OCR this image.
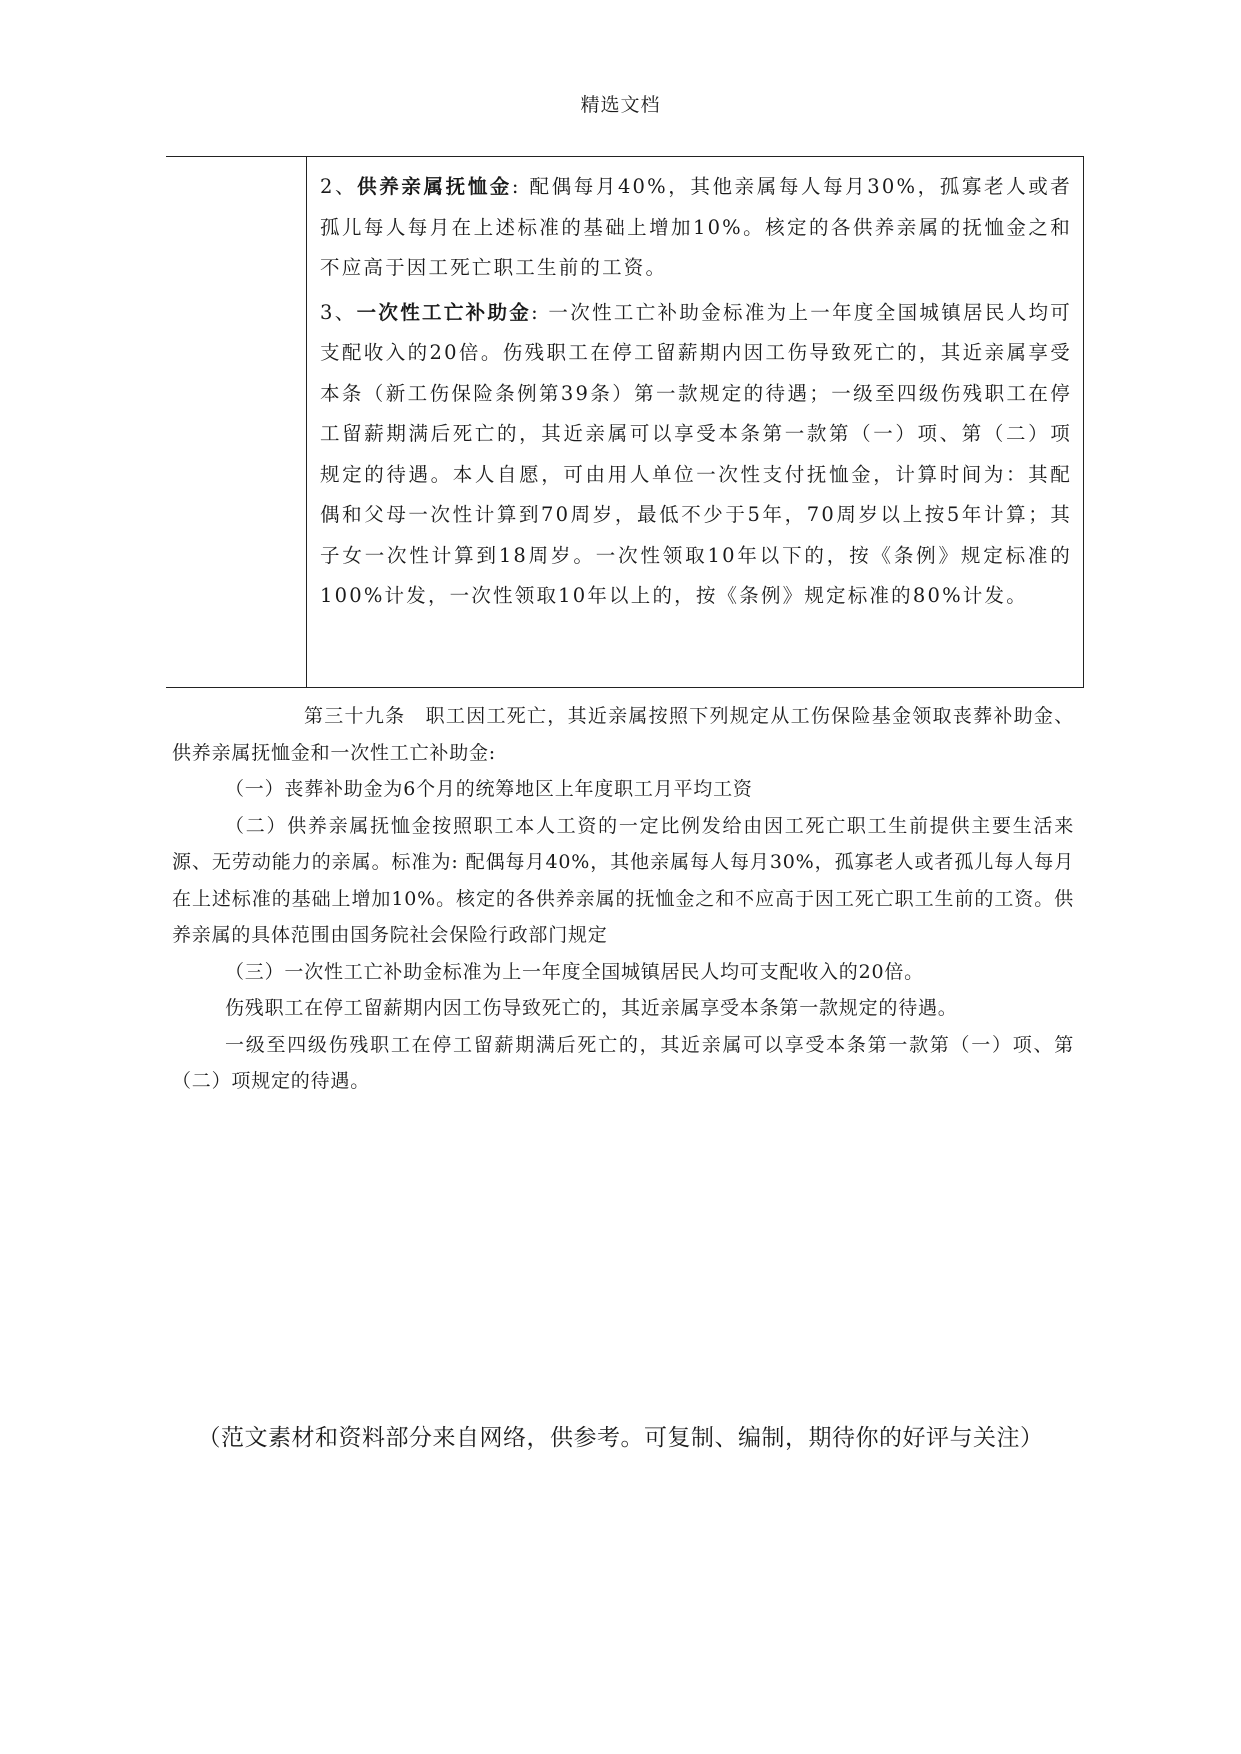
精选文档

2、供养亲属抚恤金: 配偶每月40%，其他亲属每人每月30%，孤寡老人或者孤儿每人每月在上述标准的基础上增加10%。核定的各供养亲属的抚恤金之和不应高于因工死亡职工生前的工资。

3、一次性工亡补助金: 一次性工亡补助金标准为上一年度全国城镇居民人均可支配收入的20倍。伤残职工在停工留薪期内因工伤导致死亡的，其近亲属享受本条（新工伤保险条例第39条）第一款规定的待遇；一级至四级伤残职工在停工留薪期满后死亡的，其近亲属可以享受本条第一款第（一）项、第（二）项规定的待遇。本人自愿，可由用人单位一次性支付抚恤金，计算时间为：其配偶和父母一次性计算到70周岁，最低不少于5年，70周岁以上按5年计算；其子女一次性计算到18周岁。一次性领取10年以下的，按《条例》规定标准的100%计发，一次性领取10年以上的，按《条例》规定标准的80%计发。

第三十九条　职工因工死亡，其近亲属按照下列规定从工伤保险基金领取丧葬补助金、供养亲属抚恤金和一次性工亡补助金:

（一）丧葬补助金为6个月的统筹地区上年度职工月平均工资

（二）供养亲属抚恤金按照职工本人工资的一定比例发给由因工死亡职工生前提供主要生活来源、无劳动能力的亲属。标准为: 配偶每月40%，其他亲属每人每月30%，孤寡老人或者孤儿每人每月在上述标准的基础上增加10%。核定的各供养亲属的抚恤金之和不应高于因工死亡职工生前的工资。供养亲属的具体范围由国务院社会保险行政部门规定

（三）一次性工亡补助金标准为上一年度全国城镇居民人均可支配收入的20倍。

伤残职工在停工留薪期内因工伤导致死亡的，其近亲属享受本条第一款规定的待遇。

一级至四级伤残职工在停工留薪期满后死亡的，其近亲属可以享受本条第一款第（一）项、第（二）项规定的待遇。

（范文素材和资料部分来自网络，供参考。可复制、编制，期待你的好评与关注）
